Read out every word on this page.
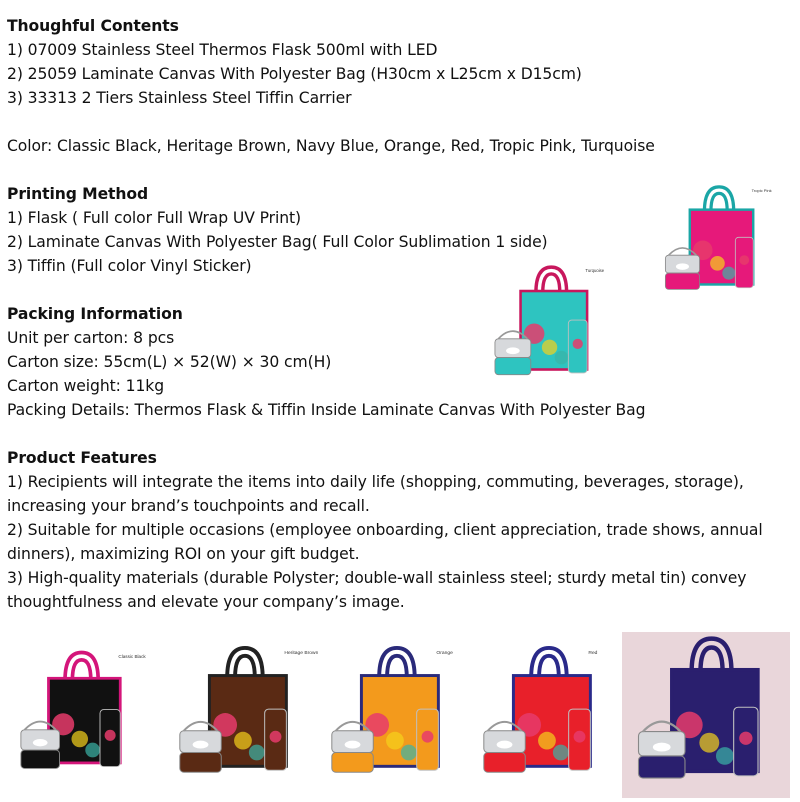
Thoughful Contents

1) 07009 Stainless Steel Thermos Flask 500ml with LED

2) 25059 Laminate Canvas With Polyester Bag (H30cm x L25cm x D15cm)

3) 33313 2 Tiers Stainless Steel Tiffin Carrier

Color: Classic Black, Heritage Brown, Navy Blue, Orange, Red, Tropic Pink, Turquoise

Printing Method

1) Flask ( Full color Full Wrap UV Print)

2) Laminate Canvas With Polyester Bag( Full Color Sublimation 1 side)

3) Tiffin (Full color Vinyl Sticker)

Packing Information

Unit per carton: 8 pcs

Carton size: 55cm(L) × 52(W) × 30 cm(H)

Carton weight: 11kg

Packing Details: Thermos Flask & Tiffin Inside Laminate Canvas With Polyester Bag

Product Features

1) Recipients will integrate the items into daily life (shopping, commuting, beverages, storage), increasing your brand’s touchpoints and recall.

2) Suitable for multiple occasions (employee onboarding, client appreciation, trade shows, annual dinners), maximizing ROI on your gift budget.

3) High-quality materials (durable Polyster; double-wall stainless steel; sturdy metal tin) convey thoughtfulness and elevate your company’s image.

Tropic Pink
Turquoise
Classic Black
Heritage Brown	Orange	Red
